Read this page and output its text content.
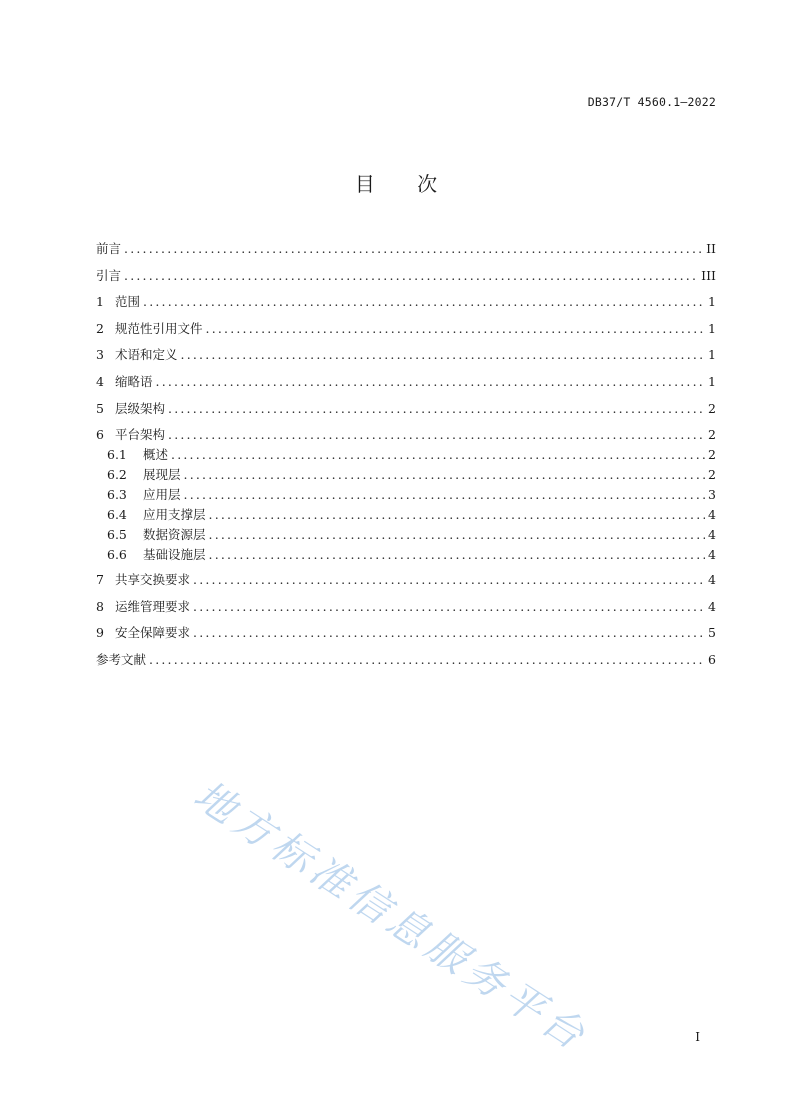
DB37/T 4560.1—2022
目 次
前言 .....	II
引言 .....	III
1 范围 .....	1
2 规范性引用文件 .....	1
3 术语和定义 .....	1
4 缩略语 .....	1
5 层级架构 .....	2
6 平台架构 .....	2
6.1	概述 .....	2
6.2	展现层 .....	2
6.3	应用层 .....	3
6.4	应用支撑层 .....	4
6.5	数据资源层 .....	4
6.6	基础设施层 .....	4
7 共享交换要求 .....	4
8 运维管理要求 .....	4
9 安全保障要求 .....	5
参考文献 .....	6
地方标准信息服务平台	I
